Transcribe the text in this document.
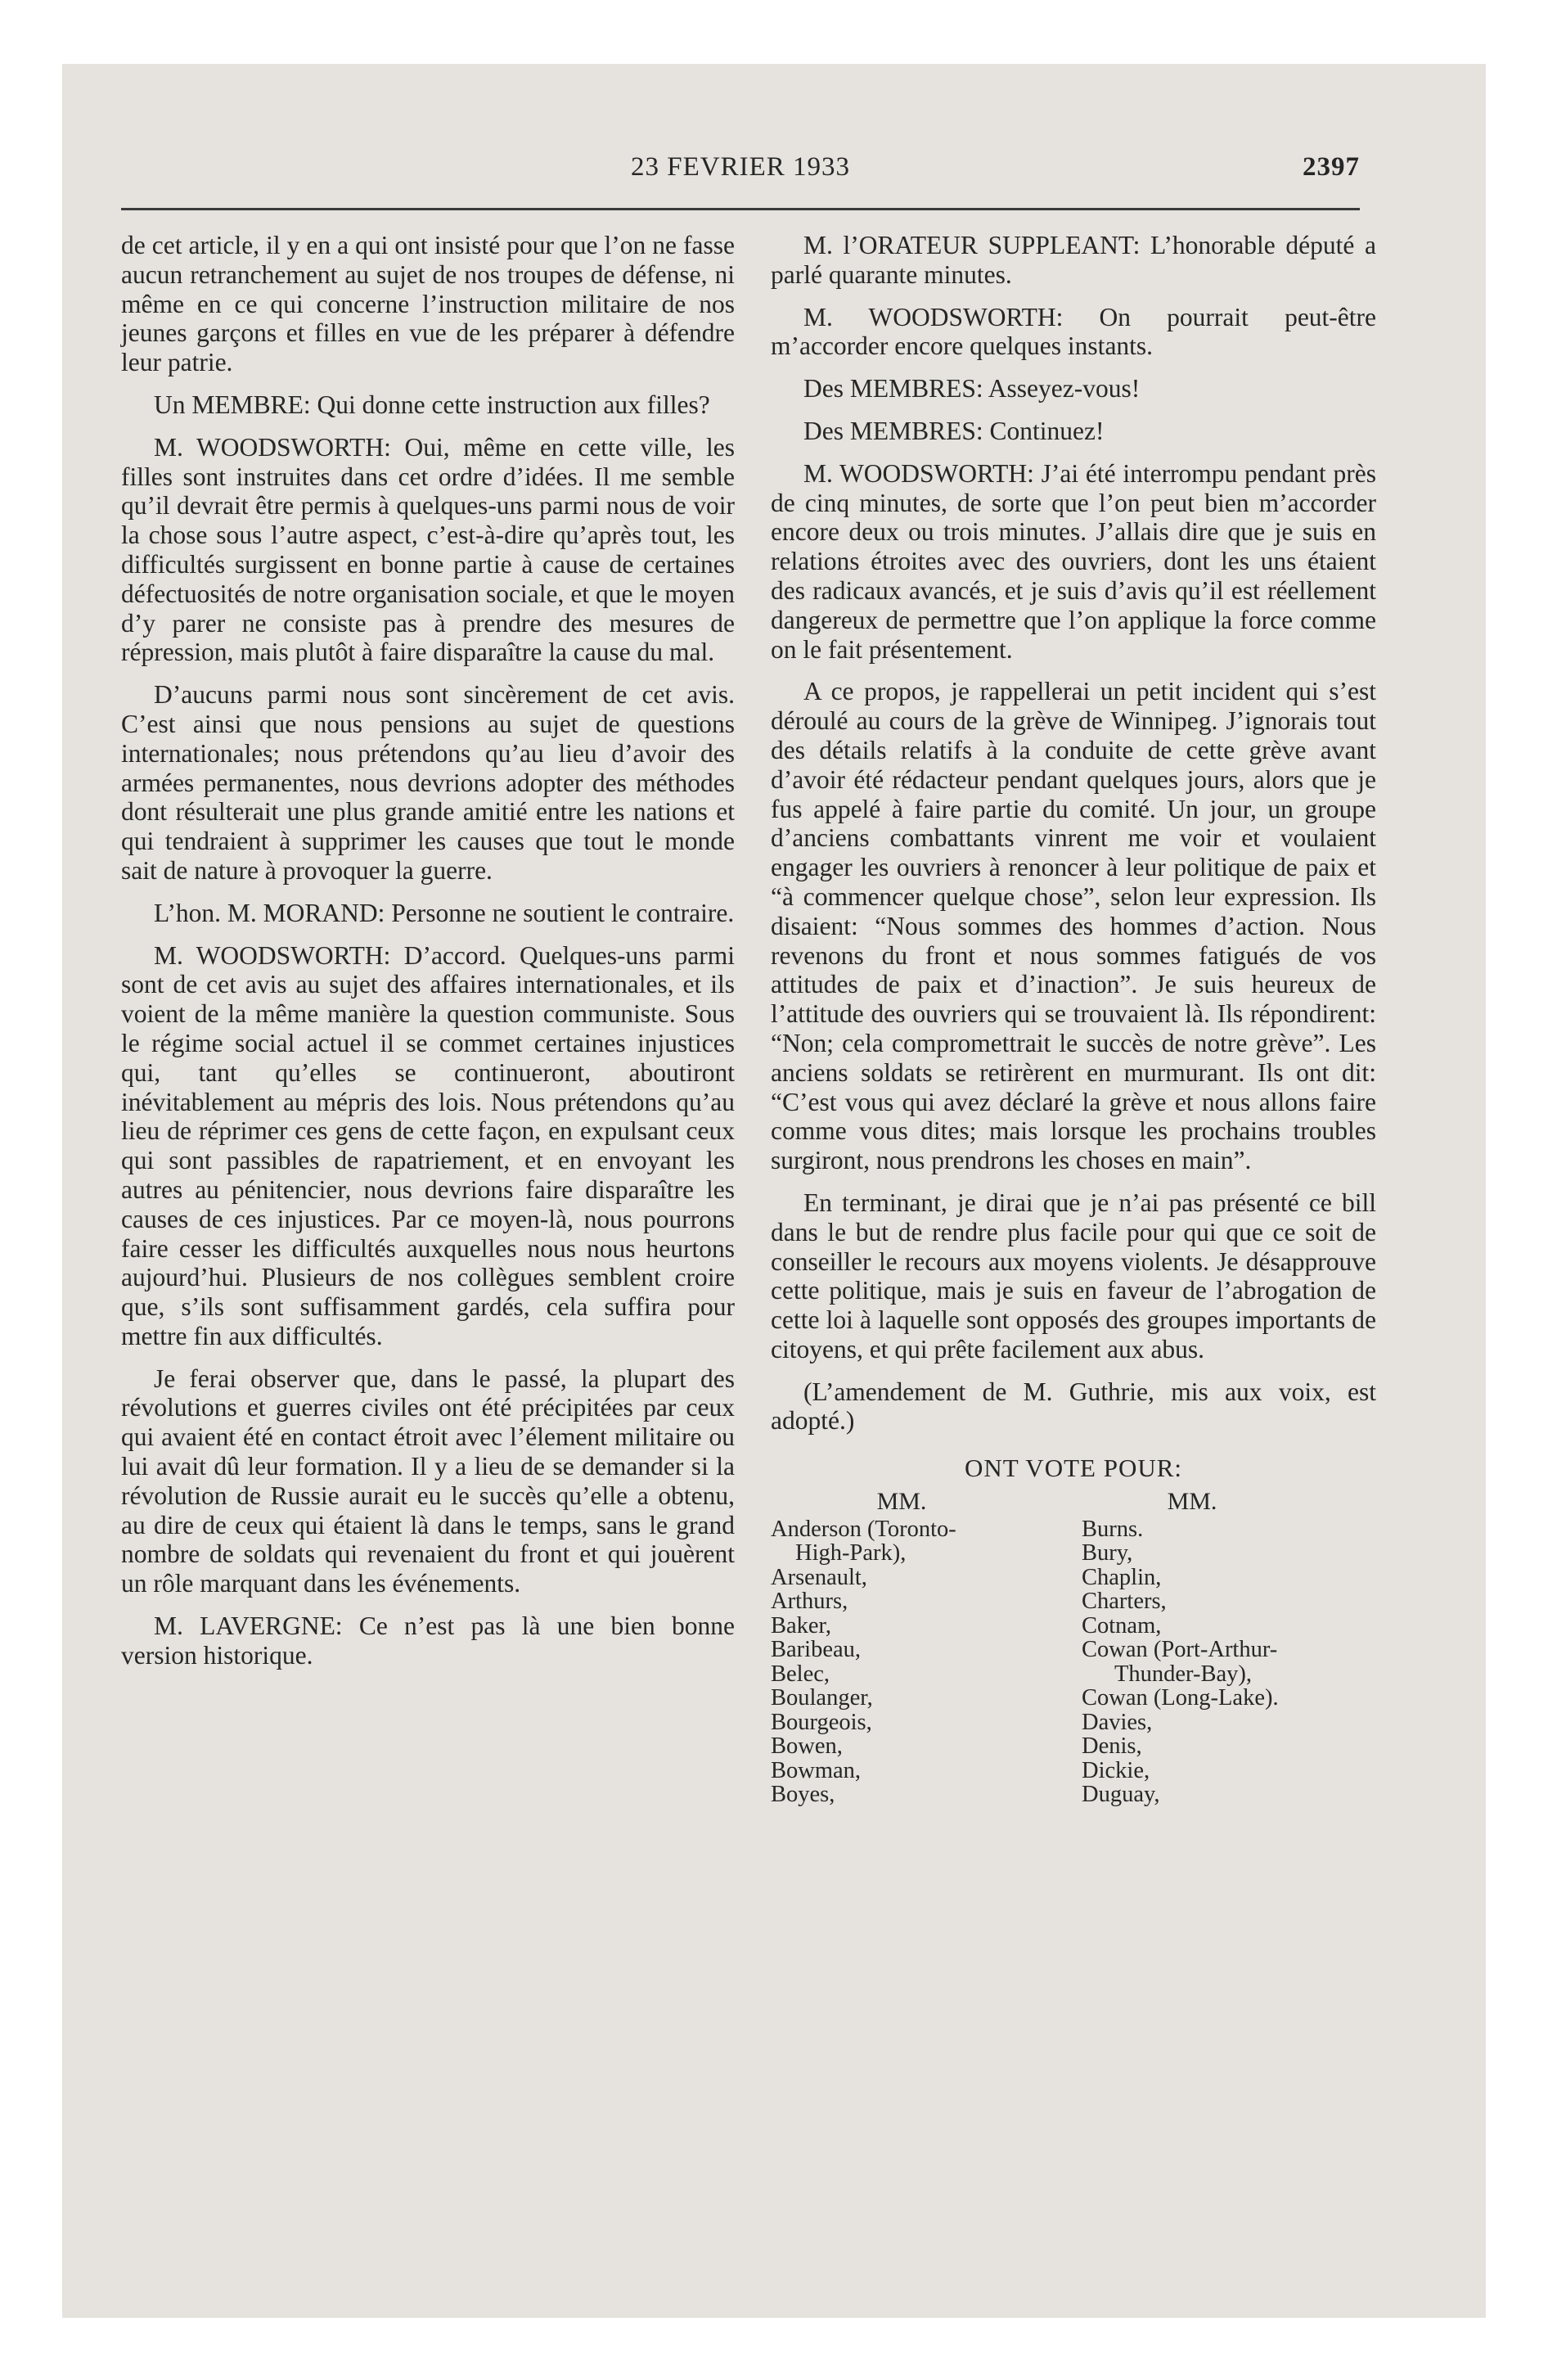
23 FEVRIER 1933	2397

de cet article, il y en a qui ont insisté pour que l’on ne fasse aucun retranchement au sujet de nos troupes de défense, ni même en ce qui concerne l’instruction militaire de nos jeunes garçons et filles en vue de les préparer à défendre leur patrie.

Un MEMBRE: Qui donne cette instruction aux filles?

M. WOODSWORTH: Oui, même en cette ville, les filles sont instruites dans cet ordre d’idées. Il me semble qu’il devrait être permis à quelques-uns parmi nous de voir la chose sous l’autre aspect, c’est-à-dire qu’après tout, les difficultés surgissent en bonne partie à cause de certaines défectuosités de notre organisation sociale, et que le moyen d’y parer ne consiste pas à prendre des mesures de répression, mais plutôt à faire disparaître la cause du mal.

D’aucuns parmi nous sont sincèrement de cet avis. C’est ainsi que nous pensions au sujet de questions internationales; nous prétendons qu’au lieu d’avoir des armées permanentes, nous devrions adopter des méthodes dont résulterait une plus grande amitié entre les nations et qui tendraient à supprimer les causes que tout le monde sait de nature à provoquer la guerre.

L’hon. M. MORAND: Personne ne soutient le contraire.

M. WOODSWORTH: D’accord. Quelques-uns parmi sont de cet avis au sujet des affaires internationales, et ils voient de la même manière la question communiste. Sous le régime social actuel il se commet certaines injustices qui, tant qu’elles se continueront, aboutiront inévitablement au mépris des lois. Nous prétendons qu’au lieu de réprimer ces gens de cette façon, en expulsant ceux qui sont passibles de rapatriement, et en envoyant les autres au pénitencier, nous devrions faire disparaître les causes de ces injustices. Par ce moyen-là, nous pourrons faire cesser les difficultés auxquelles nous nous heurtons aujourd’hui. Plusieurs de nos collègues semblent croire que, s’ils sont suffisamment gardés, cela suffira pour mettre fin aux difficultés.

Je ferai observer que, dans le passé, la plupart des révolutions et guerres civiles ont été précipitées par ceux qui avaient été en contact étroit avec l’élement militaire ou lui avait dû leur formation. Il y a lieu de se demander si la révolution de Russie aurait eu le succès qu’elle a obtenu, au dire de ceux qui étaient là dans le temps, sans le grand nombre de soldats qui revenaient du front et qui jouèrent un rôle marquant dans les événements.

M. LAVERGNE: Ce n’est pas là une bien bonne version historique.

M. l’ORATEUR SUPPLEANT: L’honorable député a parlé quarante minutes.

M. WOODSWORTH: On pourrait peut-être m’accorder encore quelques instants.

Des MEMBRES: Asseyez-vous!

Des MEMBRES: Continuez!

M. WOODSWORTH: J’ai été interrompu pendant près de cinq minutes, de sorte que l’on peut bien m’accorder encore deux ou trois minutes. J’allais dire que je suis en relations étroites avec des ouvriers, dont les uns étaient des radicaux avancés, et je suis d’avis qu’il est réellement dangereux de permettre que l’on applique la force comme on le fait présentement.

A ce propos, je rappellerai un petit incident qui s’est déroulé au cours de la grève de Winnipeg. J’ignorais tout des détails relatifs à la conduite de cette grève avant d’avoir été rédacteur pendant quelques jours, alors que je fus appelé à faire partie du comité. Un jour, un groupe d’anciens combattants vinrent me voir et voulaient engager les ouvriers à renoncer à leur politique de paix et “à commencer quelque chose”, selon leur expression. Ils disaient: “Nous sommes des hommes d’action. Nous revenons du front et nous sommes fatigués de vos attitudes de paix et d’inaction”. Je suis heureux de l’attitude des ouvriers qui se trouvaient là. Ils répondirent: “Non; cela compromettrait le succès de notre grève”. Les anciens soldats se retirèrent en murmurant. Ils ont dit: “C’est vous qui avez déclaré la grève et nous allons faire comme vous dites; mais lorsque les prochains troubles surgiront, nous prendrons les choses en main”.

En terminant, je dirai que je n’ai pas présenté ce bill dans le but de rendre plus facile pour qui que ce soit de conseiller le recours aux moyens violents. Je désapprouve cette politique, mais je suis en faveur de l’abrogation de cette loi à laquelle sont opposés des groupes importants de citoyens, et qui prête facilement aux abus.

(L’amendement de M. Guthrie, mis aux voix, est adopté.)

ONT VOTE POUR:
MM.
Anderson (Toronto-
High-Park),
Arsenault,
Arthurs,
Baker,
Baribeau,
Belec,
Boulanger,
Bourgeois,
Bowen,
Bowman,
Boyes,
MM.
Burns.
Bury,
Chaplin,
Charters,
Cotnam,
Cowan (Port-Arthur-
Thunder-Bay),
Cowan (Long-Lake).
Davies,
Denis,
Dickie,
Duguay,
